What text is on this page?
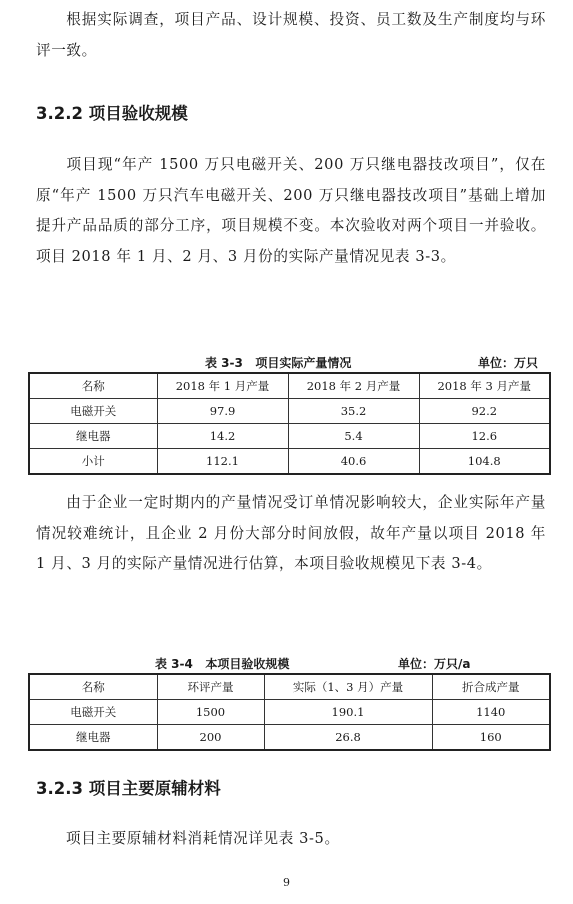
根据实际调查，项目产品、设计规模、投资、员工数及生产制度均与环评一致。

3.2.2 项目验收规模

项目现“年产 1500 万只电磁开关、200 万只继电器技改项目”，仅在原“年产 1500 万只汽车电磁开关、200 万只继电器技改项目”基础上增加提升产品品质的部分工序，项目规模不变。本次验收对两个项目一并验收。项目 2018 年 1 月、2 月、3 月份的实际产量情况见表 3-3。

表 3-3 项目实际产量情况	单位：万只
名称	2018 年 1 月产量	2018 年 2 月产量	2018 年 3 月产量
电磁开关	97.9	35.2	92.2
继电器	14.2	5.4	12.6
小计	112.1	40.6	104.8

由于企业一定时期内的产量情况受订单情况影响较大，企业实际年产量情况较难统计，且企业 2 月份大部分时间放假，故年产量以项目 2018 年 1 月、3 月的实际产量情况进行估算，本项目验收规模见下表 3-4。

表 3-4 本项目验收规模	单位：万只/a
名称	环评产量	实际（1、3 月）产量	折合成产量
电磁开关	1500	190.1	1140
继电器	200	26.8	160
3.2.3 项目主要原辅材料

项目主要原辅材料消耗情况详见表 3-5。

9
